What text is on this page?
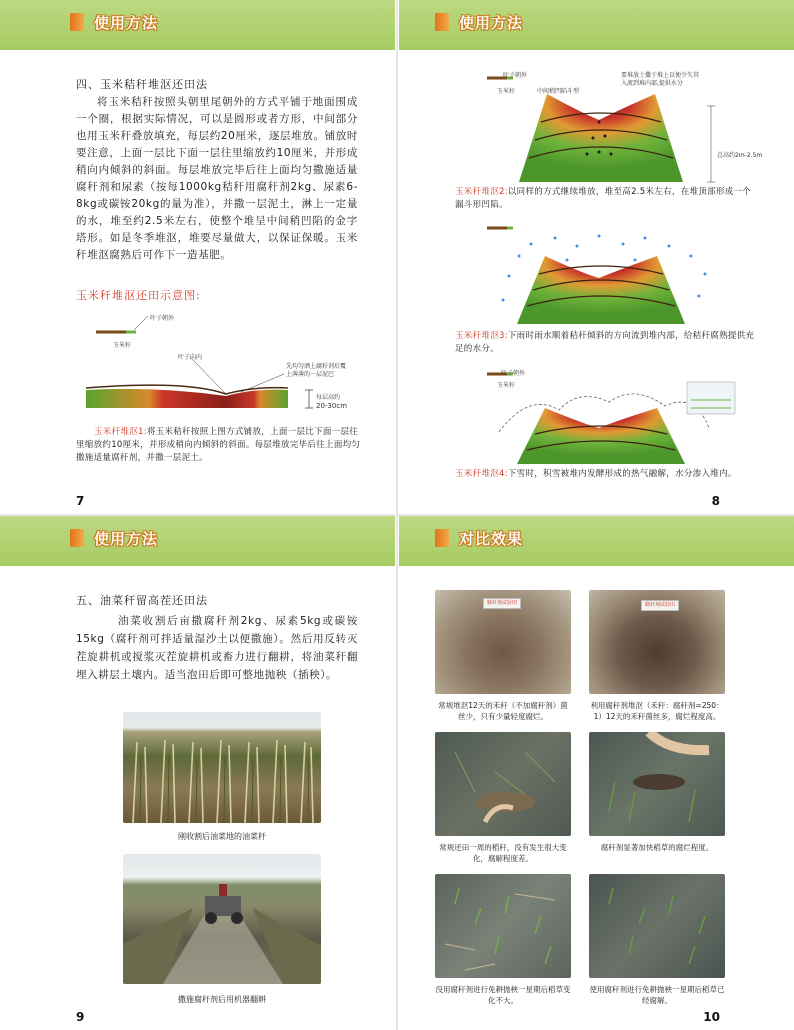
使用方法
四、玉米秸秆堆沤还田法
将玉米秸秆按照头朝里尾朝外的方式平铺于地面围成一个圈，根据实际情况，可以是圆形或者方形，中间部分也用玉米秆叠放填充，每层约20厘米，逐层堆放。铺放时要注意，上面一层比下面一层往里缩放约10厘米，并形成稍向内倾斜的斜面。每层堆放完毕后往上面均匀撒施适量腐秆剂和尿素（按每1000kg秸秆用腐秆剂2kg、尿素6-8kg或碳铵20kg的量为准），并撒一层泥土，淋上一定量的水，堆至约2.5米左右，使整个堆呈中间稍凹陷的金字塔形。如是冬季堆沤，堆要尽量做大，以保证保暖。玉米秆堆沤腐熟后可作下一造基肥。
玉米秆堆沤还田示意图:
叶子朝外
玉米秆
叶子向内
先均匀洒上腐秆剂后覆上薄薄的一层泥巴
每层高约
20-30cm
玉米秆堆沤1:将玉米秸秆按照上图方式铺放，上面一层比下面一层往里缩放约10厘米，并形成稍向内倾斜的斜面。每层堆放完毕后往上面均匀撒施适量腐秆剂，并撒一层泥土。
7
使用方法
叶子朝外
玉米秆	中间稍凹陷斗型
要堆放土撒于堆上以便少失其入流到堆内部,提供水分
总高约2m-2.5m
玉米秆堆沤2:以同样的方式继续堆放，堆至高2.5米左右，在堆顶部形成一个漏斗形凹陷。
玉米秆堆沤3:下雨时雨水顺着秸秆倾斜的方向流到堆内部，给秸秆腐熟提供充足的水分。
叶子朝外
玉米秆
玉米秆堆沤4:下雪时，积雪被堆内发酵形成的热气融解，水分渗入堆内。
8
使用方法
五、油菜秆留高茬还田法
油菜收割后亩撒腐秆剂2kg、尿素5kg或碳铵15kg（腐秆剂可拌适量湿沙土以便撒施）。然后用反转灭茬旋耕机或搅浆灭茬旋耕机或畜力进行翻耕，将油菜秆翻埋入耕层土壤内。适当泡田后即可整地抛秧（插秧）。
刚收割后油菜地的油菜秆
撒施腐秆剂后用机器翻耕
9
对比效果
腐秆剂试验田	腐秆剂试验田
常规堆沤12天的禾秆（不加腐秆剂）菌丝少，只有少量轻度腐烂。
利用腐秆剂堆沤（禾秆：腐秆剂=250：1）12天的禾秆菌丝多，腐烂程度高。
常规还田一周的稻秆，没有发生很大变化，腐解程度差。
腐秆剂显著加快稻草的腐烂程度。
没用腐秆剂进行免耕抛秧一星期后稻草变化不大。
使用腐秆剂进行免耕抛秧一星期后稻草已经腐解。
10
